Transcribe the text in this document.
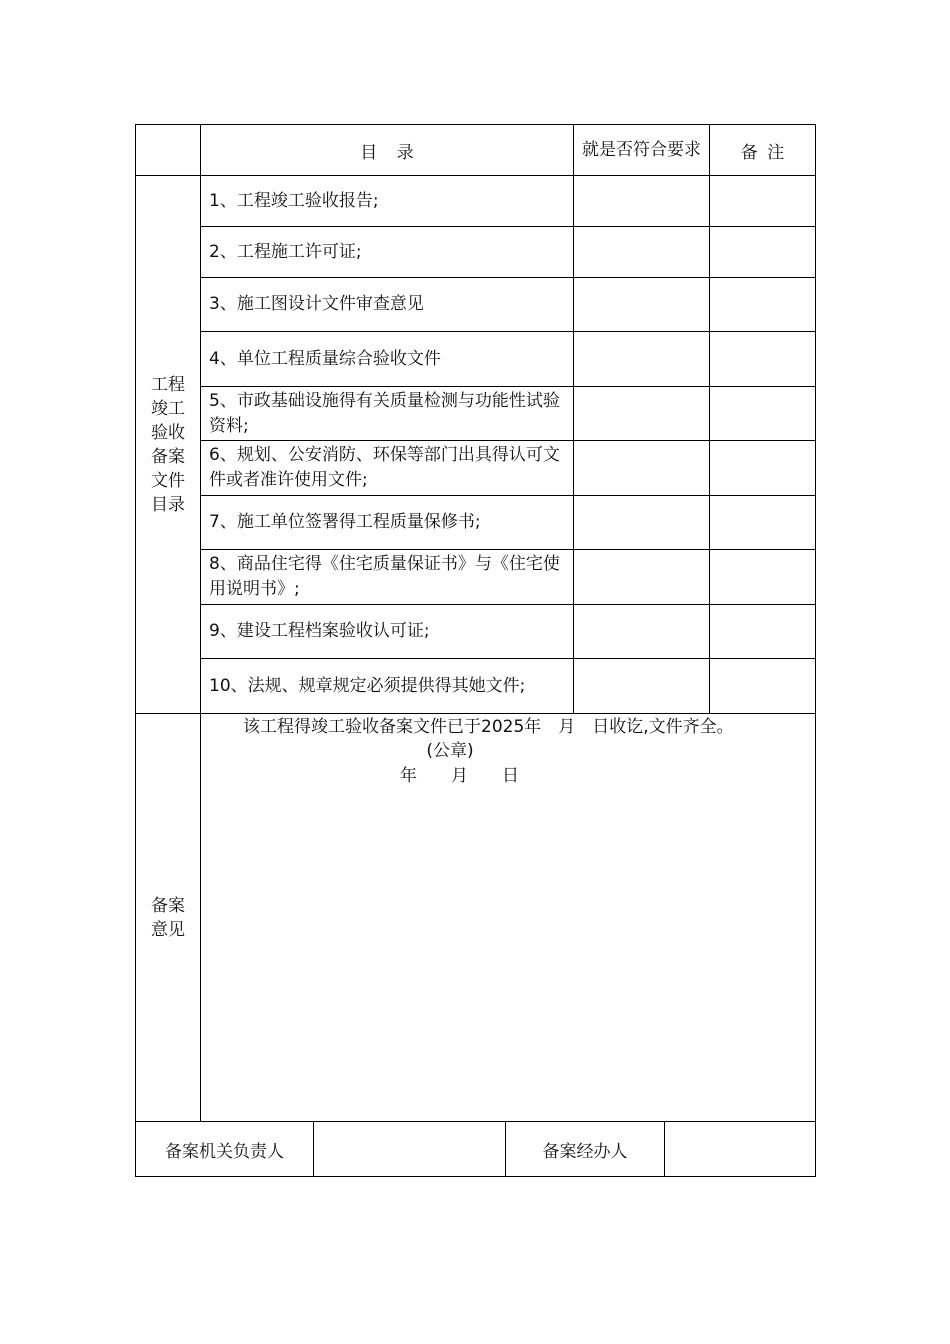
目 录	就是否符合要求	备 注
工程竣工验收备案文件目录
1、工程竣工验收报告;
2、工程施工许可证;
3、施工图设计文件审查意见
4、单位工程质量综合验收文件
5、市政基础设施得有关质量检测与功能性试验资料;
6、规划、公安消防、环保等部门出具得认可文件或者准许使用文件;
7、施工单位签署得工程质量保修书;
8、商品住宅得《住宅质量保证书》与《住宅使用说明书》;
9、建设工程档案验收认可证;
10、法规、规章规定必须提供得其她文件;
备案意见
该工程得竣工验收备案文件已于2025年　月　日收讫,文件齐全。
(公章)
年　　月　　日
备案机关负责人	备案经办人
